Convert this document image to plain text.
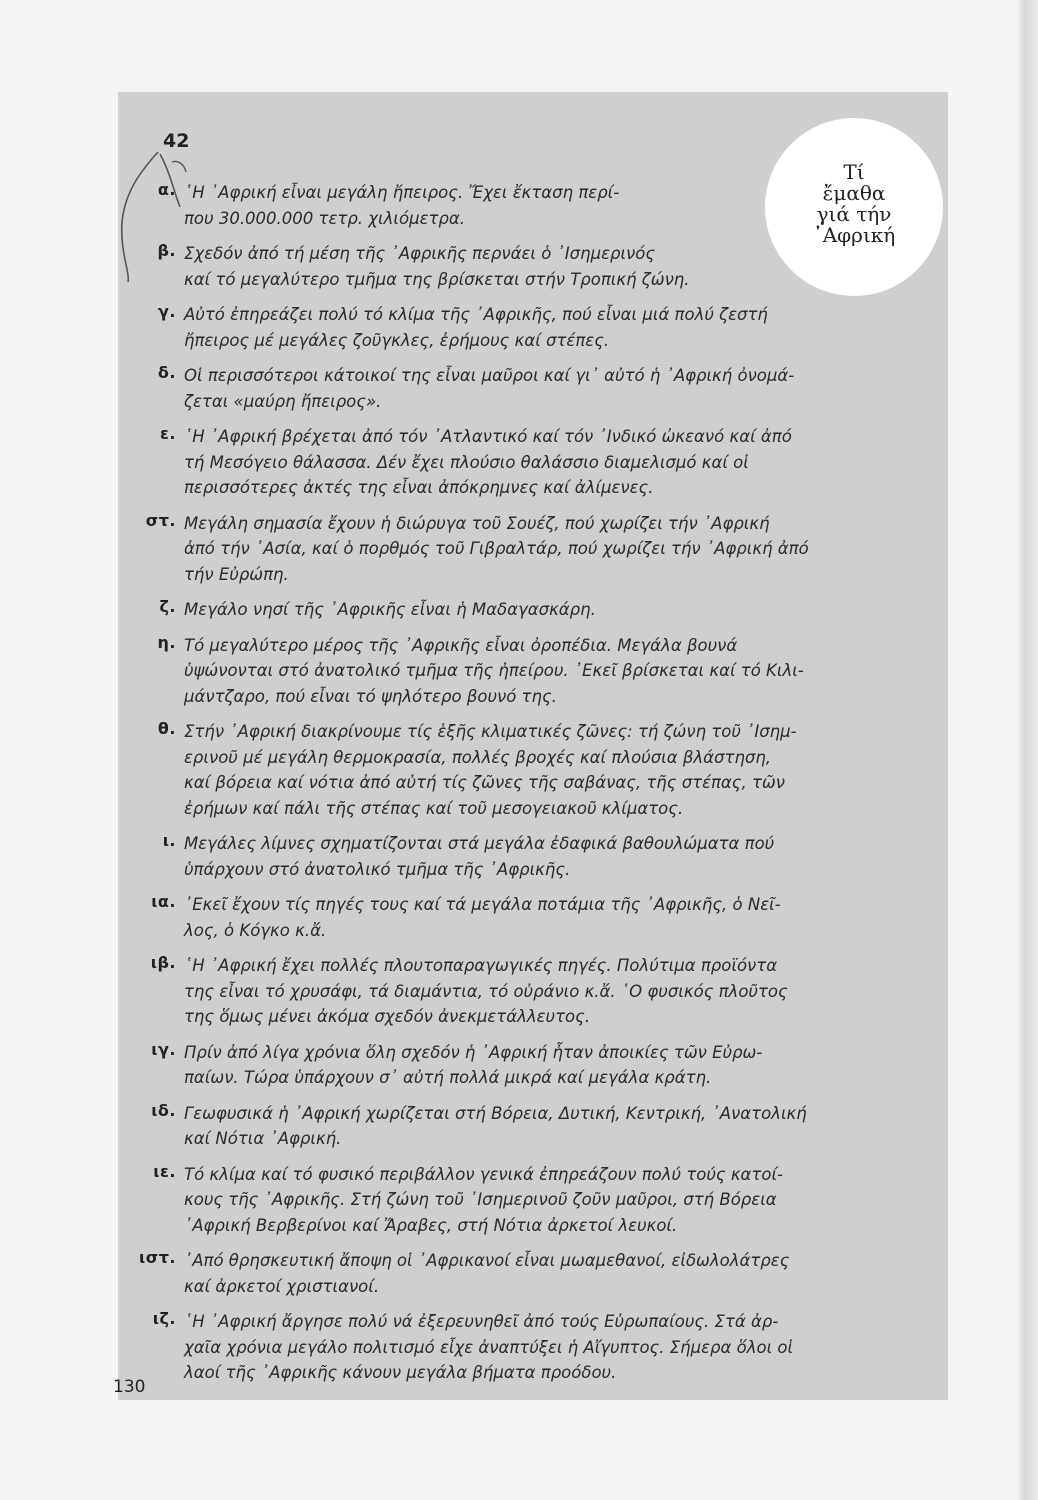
42
Τί
ἔμαθα
γιά τήν
᾽Αφρική
α. ῾Η ᾽Αφρική εἶναι μεγάλη ἤπειρος. Ἔχει ἔκταση περί-
που 30.000.000 τετρ. χιλιόμετρα.
β. Σχεδόν ἀπό τή μέση τῆς ᾽Αφρικῆς περνάει ὁ ᾽Ισημερινός
καί τό μεγαλύτερο τμῆμα της βρίσκεται στήν Τροπική ζώνη.
γ. Αὐτό ἐπηρεάζει πολύ τό κλίμα τῆς ᾽Αφρικῆς, πού εἶναι μιά πολύ ζεστή
ἤπειρος μέ μεγάλες ζοῦγκλες, ἐρήμους καί στέπες.
δ. Οἱ περισσότεροι κάτοικοί της εἶναι μαῦροι καί γι᾽ αὐτό ἡ ᾽Αφρική ὀνομά-
ζεται «μαύρη ἤπειρος».
ε. ῾Η ᾽Αφρική βρέχεται ἀπό τόν ᾽Ατλαντικό καί τόν ᾽Ινδικό ὠκεανό καί ἀπό
τή Μεσόγειο θάλασσα. Δέν ἔχει πλούσιο θαλάσσιο διαμελισμό καί οἱ
περισσότερες ἀκτές της εἶναι ἀπόκρημνες καί ἀλίμενες.
στ. Μεγάλη σημασία ἔχουν ἡ διώρυγα τοῦ Σουέζ, πού χωρίζει τήν ᾽Αφρική
ἀπό τήν ᾽Ασία, καί ὁ πορθμός τοῦ Γιβραλτάρ, πού χωρίζει τήν ᾽Αφρική ἀπό
τήν Εὐρώπη.
ζ. Μεγάλο νησί τῆς ᾽Αφρικῆς εἶναι ἡ Μαδαγασκάρη.
η. Τό μεγαλύτερο μέρος τῆς ᾽Αφρικῆς εἶναι ὀροπέδια. Μεγάλα βουνά
ὑψώνονται στό ἀνατολικό τμῆμα τῆς ἠπείρου. ᾽Εκεῖ βρίσκεται καί τό Κιλι-
μάντζαρο, πού εἶναι τό ψηλότερο βουνό της.
θ. Στήν ᾽Αφρική διακρίνουμε τίς ἑξῆς κλιματικές ζῶνες: τή ζώνη τοῦ ᾽Ισημ-
ερινοῦ μέ μεγάλη θερμοκρασία, πολλές βροχές καί πλούσια βλάστηση,
καί βόρεια καί νότια ἀπό αὐτή τίς ζῶνες τῆς σαβάνας, τῆς στέπας, τῶν
ἐρήμων καί πάλι τῆς στέπας καί τοῦ μεσογειακοῦ κλίματος.
ι. Μεγάλες λίμνες σχηματίζονται στά μεγάλα ἐδαφικά βαθουλώματα πού
ὑπάρχουν στό ἀνατολικό τμῆμα τῆς ᾽Αφρικῆς.
ια. ᾽Εκεῖ ἔχουν τίς πηγές τους καί τά μεγάλα ποτάμια τῆς ᾽Αφρικῆς, ὁ Νεῖ-
λος, ὁ Κόγκο κ.ἄ.
ιβ. ῾Η ᾽Αφρική ἔχει πολλές πλουτοπαραγωγικές πηγές. Πολύτιμα προϊόντα
της εἶναι τό χρυσάφι, τά διαμάντια, τό οὐράνιο κ.ἄ. ῾Ο φυσικός πλοῦτος
της ὅμως μένει ἀκόμα σχεδόν ἀνεκμετάλλευτος.
ιγ. Πρίν ἀπό λίγα χρόνια ὅλη σχεδόν ἡ ᾽Αφρική ἦταν ἀποικίες τῶν Εὐρω-
παίων. Τώρα ὑπάρχουν σ᾽ αὐτή πολλά μικρά καί μεγάλα κράτη.
ιδ. Γεωφυσικά ἡ ᾽Αφρική χωρίζεται στή Βόρεια, Δυτική, Κεντρική, ᾽Ανατολική
καί Νότια ᾽Αφρική.
ιε. Τό κλίμα καί τό φυσικό περιβάλλον γενικά ἐπηρεάζουν πολύ τούς κατοί-
κους τῆς ᾽Αφρικῆς. Στή ζώνη τοῦ ᾽Ισημερινοῦ ζοῦν μαῦροι, στή Βόρεια
᾽Αφρική Βερβερίνοι καί Ἄραβες, στή Νότια ἀρκετοί λευκοί.
ιστ. ᾽Από θρησκευτική ἄποψη οἱ ᾽Αφρικανοί εἶναι μωαμεθανοί, εἰδωλολάτρες
καί ἀρκετοί χριστιανοί.
ιζ. ῾Η ᾽Αφρική ἄργησε πολύ νά ἐξερευνηθεῖ ἀπό τούς Εὐρωπαίους. Στά ἀρ-
χαῖα χρόνια μεγάλο πολιτισμό εἶχε ἀναπτύξει ἡ Αἴγυπτος. Σήμερα ὅλοι οἱ
λαοί τῆς ᾽Αφρικῆς κάνουν μεγάλα βήματα προόδου.
130
